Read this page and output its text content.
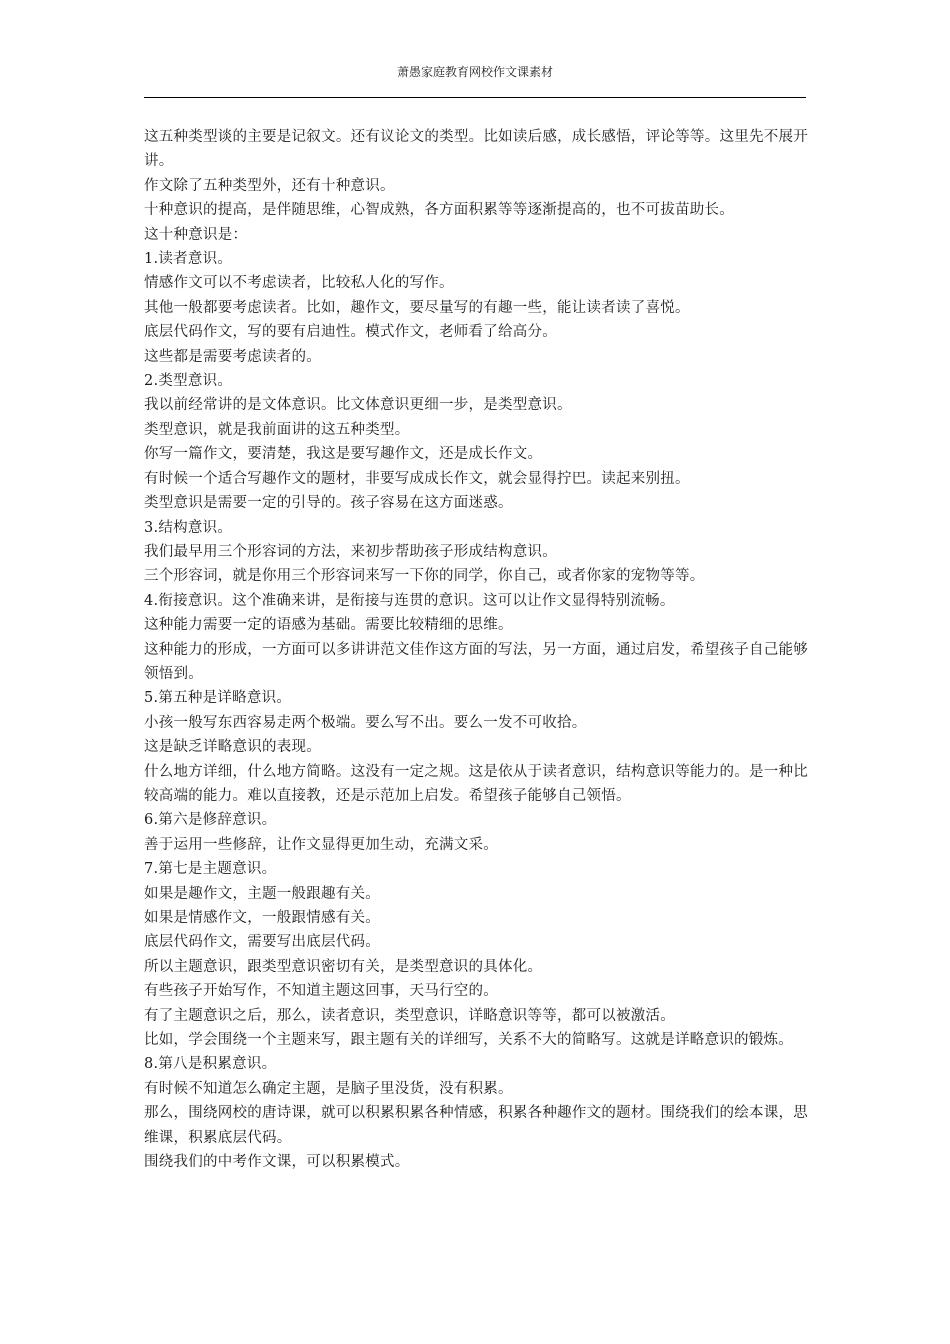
萧愚家庭教育网校作文课素材

这五种类型谈的主要是记叙文。还有议论文的类型。比如读后感，成长感悟，评论等等。这里先不展开讲。

作文除了五种类型外，还有十种意识。

十种意识的提高，是伴随思维，心智成熟，各方面积累等等逐渐提高的，也不可拔苗助长。

这十种意识是：

1.读者意识。

情感作文可以不考虑读者，比较私人化的写作。

其他一般都要考虑读者。比如，趣作文，要尽量写的有趣一些，能让读者读了喜悦。

底层代码作文，写的要有启迪性。模式作文，老师看了给高分。

这些都是需要考虑读者的。

2.类型意识。

我以前经常讲的是文体意识。比文体意识更细一步，是类型意识。

类型意识，就是我前面讲的这五种类型。

你写一篇作文，要清楚，我这是要写趣作文，还是成长作文。

有时候一个适合写趣作文的题材，非要写成成长作文，就会显得拧巴。读起来别扭。

类型意识是需要一定的引导的。孩子容易在这方面迷惑。

3.结构意识。

我们最早用三个形容词的方法，来初步帮助孩子形成结构意识。

三个形容词，就是你用三个形容词来写一下你的同学，你自己，或者你家的宠物等等。

4.衔接意识。这个准确来讲，是衔接与连贯的意识。这可以让作文显得特别流畅。

这种能力需要一定的语感为基础。需要比较精细的思维。

这种能力的形成，一方面可以多讲讲范文佳作这方面的写法，另一方面，通过启发，希望孩子自己能够领悟到。

5.第五种是详略意识。

小孩一般写东西容易走两个极端。要么写不出。要么一发不可收拾。

这是缺乏详略意识的表现。

什么地方详细，什么地方简略。这没有一定之规。这是依从于读者意识，结构意识等能力的。是一种比较高端的能力。难以直接教，还是示范加上启发。希望孩子能够自己领悟。

6.第六是修辞意识。

善于运用一些修辞，让作文显得更加生动，充满文采。

7.第七是主题意识。

如果是趣作文，主题一般跟趣有关。

如果是情感作文，一般跟情感有关。

底层代码作文，需要写出底层代码。

所以主题意识，跟类型意识密切有关，是类型意识的具体化。

有些孩子开始写作，不知道主题这回事，天马行空的。

有了主题意识之后，那么，读者意识，类型意识，详略意识等等，都可以被激活。

比如，学会围绕一个主题来写，跟主题有关的详细写，关系不大的简略写。这就是详略意识的锻炼。

8.第八是积累意识。

有时候不知道怎么确定主题，是脑子里没货，没有积累。

那么，围绕网校的唐诗课，就可以积累积累各种情感，积累各种趣作文的题材。围绕我们的绘本课，思维课，积累底层代码。

围绕我们的中考作文课，可以积累模式。
